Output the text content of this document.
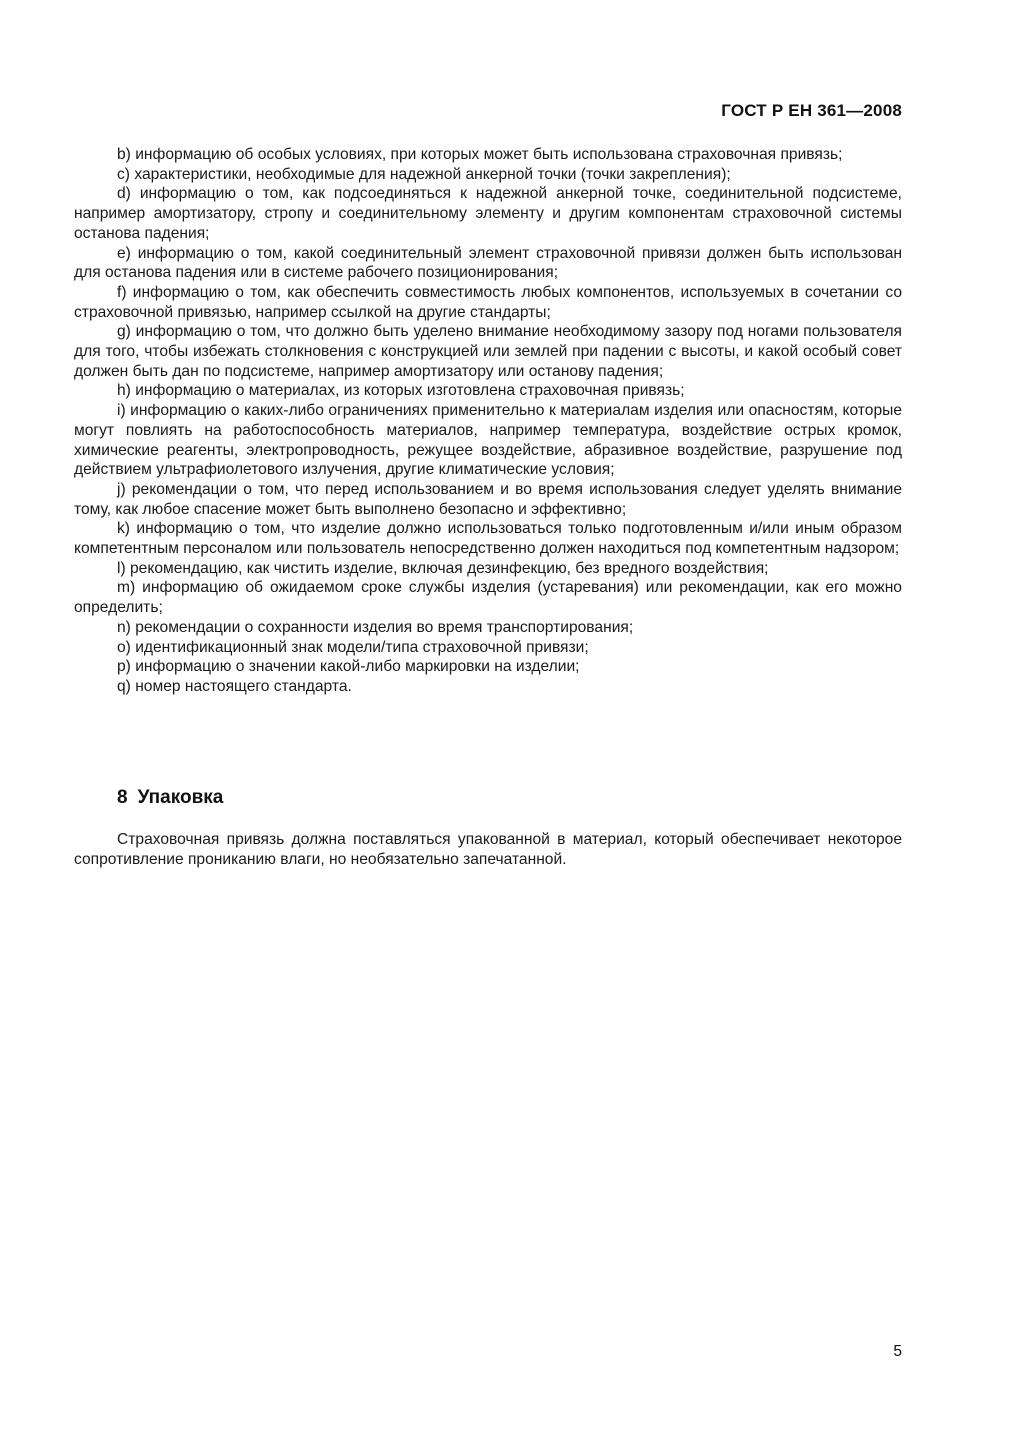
ГОСТ Р ЕН 361—2008

b) информацию об особых условиях, при которых может быть использована страховочная привязь;

c) характеристики, необходимые для надежной анкерной точки (точки закрепления);

d) информацию о том, как подсоединяться к надежной анкерной точке, соединительной подсистеме, например амортизатору, стропу и соединительному элементу и другим компонентам страховочной системы останова падения;

e) информацию о том, какой соединительный элемент страховочной привязи должен быть использован для останова падения или в системе рабочего позиционирования;

f) информацию о том, как обеспечить совместимость любых компонентов, используемых в сочетании со страховочной привязью, например ссылкой на другие стандарты;

g) информацию о том, что должно быть уделено внимание необходимому зазору под ногами пользователя для того, чтобы избежать столкновения с конструкцией или землей при падении с высоты, и какой особый совет должен быть дан по подсистеме, например амортизатору или останову падения;

h) информацию о материалах, из которых изготовлена страховочная привязь;

i) информацию о каких-либо ограничениях применительно к материалам изделия или опасностям, которые могут повлиять на работоспособность материалов, например температура, воздействие острых кромок, химические реагенты, электропроводность, режущее воздействие, абразивное воздействие, разрушение под действием ультрафиолетового излучения, другие климатические условия;

j) рекомендации о том, что перед использованием и во время использования следует уделять внимание тому, как любое спасение может быть выполнено безопасно и эффективно;

k) информацию о том, что изделие должно использоваться только подготовленным и/или иным образом компетентным персоналом или пользователь непосредственно должен находиться под компетентным надзором;

l) рекомендацию, как чистить изделие, включая дезинфекцию, без вредного воздействия;

m) информацию об ожидаемом сроке службы изделия (устаревания) или рекомендации, как его можно определить;

n) рекомендации о сохранности изделия во время транспортирования;

o) идентификационный знак модели/типа страховочной привязи;

p) информацию о значении какой-либо маркировки на изделии;

q) номер настоящего стандарта.

8 Упаковка

Страховочная привязь должна поставляться упакованной в материал, который обеспечивает некоторое сопротивление прониканию влаги, но необязательно запечатанной.

5
